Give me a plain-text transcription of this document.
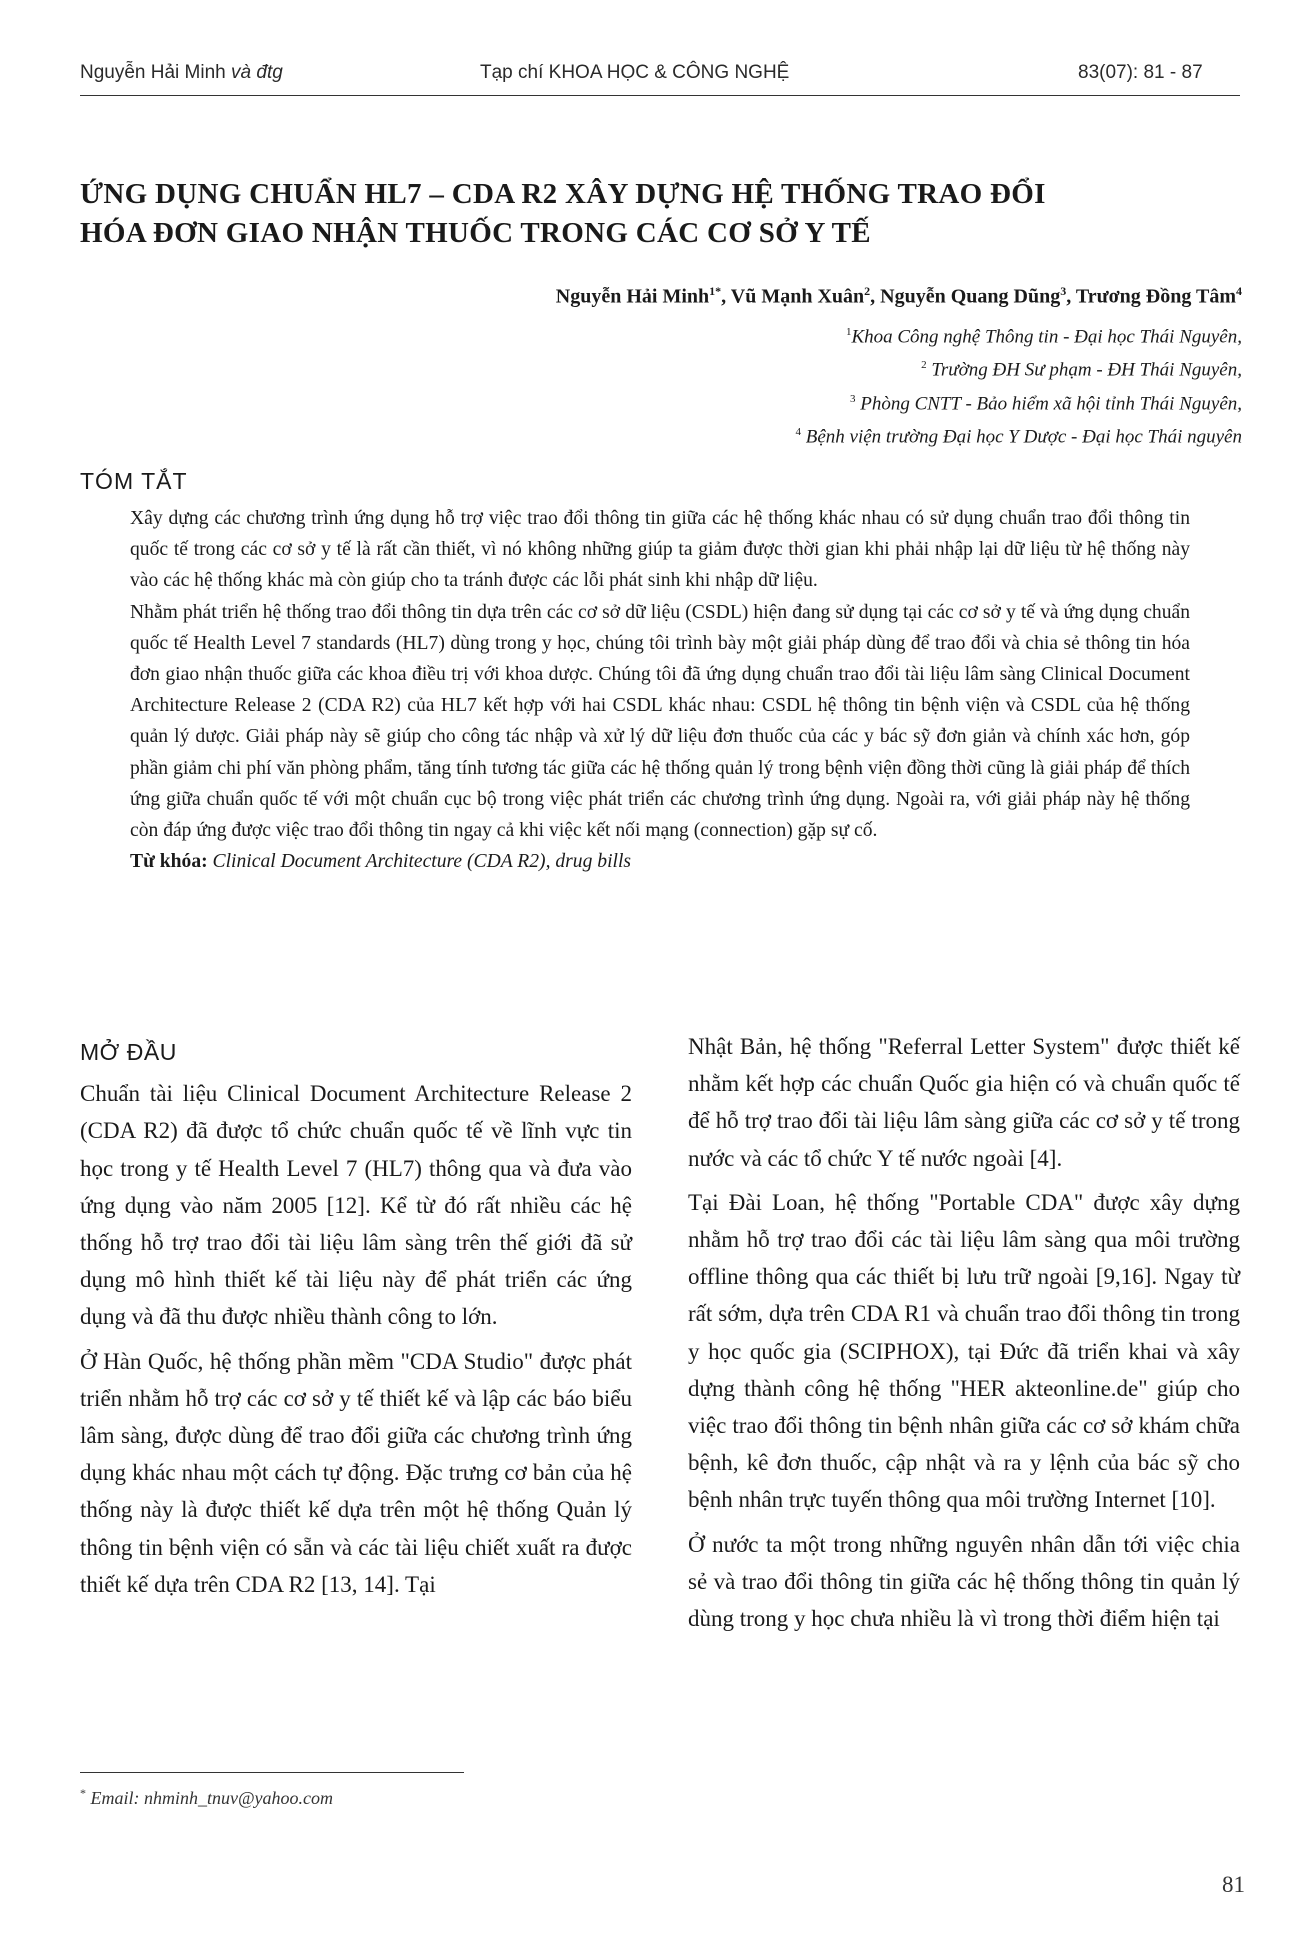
Nguyễn Hải Minh và đtg	Tạp chí KHOA HỌC & CÔNG NGHỆ	83(07): 81 - 87
ỨNG DỤNG CHUẨN HL7 – CDA R2 XÂY DỰNG HỆ THỐNG TRAO ĐỔI
HÓA ĐƠN GIAO NHẬN THUỐC TRONG CÁC CƠ SỞ Y TẾ
Nguyễn Hải Minh$^{1*}$, Vũ Mạnh Xuân$^2$, Nguyễn Quang Dũng$^3$, Trương Đồng Tâm$^4$
$^1$Khoa Công nghệ Thông tin - Đại học Thái Nguyên,
$^2$ Trường ĐH Sư phạm - ĐH Thái Nguyên,
$^3$ Phòng CNTT - Bảo hiểm xã hội tỉnh Thái Nguyên,
$^4$ Bệnh viện trường Đại học Y Dược - Đại học Thái nguyên
TÓM TẮT

Xây dựng các chương trình ứng dụng hỗ trợ việc trao đổi thông tin giữa các hệ thống khác nhau có sử dụng chuẩn trao đổi thông tin quốc tế trong các cơ sở y tế là rất cần thiết, vì nó không những giúp ta giảm được thời gian khi phải nhập lại dữ liệu từ hệ thống này vào các hệ thống khác mà còn giúp cho ta tránh được các lỗi phát sinh khi nhập dữ liệu.

Nhằm phát triển hệ thống trao đổi thông tin dựa trên các cơ sở dữ liệu (CSDL) hiện đang sử dụng tại các cơ sở y tế và ứng dụng chuẩn quốc tế Health Level 7 standards (HL7) dùng trong y học, chúng tôi trình bày một giải pháp dùng để trao đổi và chia sẻ thông tin hóa đơn giao nhận thuốc giữa các khoa điều trị với khoa dược. Chúng tôi đã ứng dụng chuẩn trao đổi tài liệu lâm sàng Clinical Document Architecture Release 2 (CDA R2) của HL7 kết hợp với hai CSDL khác nhau: CSDL hệ thông tin bệnh viện và CSDL của hệ thống quản lý dược. Giải pháp này sẽ giúp cho công tác nhập và xử lý dữ liệu đơn thuốc của các y bác sỹ đơn giản và chính xác hơn, góp phần giảm chi phí văn phòng phẩm, tăng tính tương tác giữa các hệ thống quản lý trong bệnh viện đồng thời cũng là giải pháp để thích ứng giữa chuẩn quốc tế với một chuẩn cục bộ trong việc phát triển các chương trình ứng dụng. Ngoài ra, với giải pháp này hệ thống còn đáp ứng được việc trao đổi thông tin ngay cả khi việc kết nối mạng (connection) gặp sự cố.

Từ khóa: Clinical Document Architecture (CDA R2), drug bills

MỞ ĐẦU

Chuẩn tài liệu Clinical Document Architecture Release 2 (CDA R2) đã được tổ chức chuẩn quốc tế về lĩnh vực tin học trong y tế Health Level 7 (HL7) thông qua và đưa vào ứng dụng vào năm 2005 [12]. Kể từ đó rất nhiều các hệ thống hỗ trợ trao đổi tài liệu lâm sàng trên thế giới đã sử dụng mô hình thiết kế tài liệu này để phát triển các ứng dụng và đã thu được nhiều thành công to lớn.

Ở Hàn Quốc, hệ thống phần mềm "CDA Studio" được phát triển nhằm hỗ trợ các cơ sở y tế thiết kế và lập các báo biểu lâm sàng, được dùng để trao đổi giữa các chương trình ứng dụng khác nhau một cách tự động. Đặc trưng cơ bản của hệ thống này là được thiết kế dựa trên một hệ thống Quản lý thông tin bệnh viện có sẵn và các tài liệu chiết xuất ra được thiết kế dựa trên CDA R2 [13, 14]. Tại

Nhật Bản, hệ thống "Referral Letter System" được thiết kế nhằm kết hợp các chuẩn Quốc gia hiện có và chuẩn quốc tế để hỗ trợ trao đổi tài liệu lâm sàng giữa các cơ sở y tế trong nước và các tổ chức Y tế nước ngoài [4].

Tại Đài Loan, hệ thống "Portable CDA" được xây dựng nhằm hỗ trợ trao đổi các tài liệu lâm sàng qua môi trường offline thông qua các thiết bị lưu trữ ngoài [9,16]. Ngay từ rất sớm, dựa trên CDA R1 và chuẩn trao đổi thông tin trong y học quốc gia (SCIPHOX), tại Đức đã triển khai và xây dựng thành công hệ thống "HER akteonline.de" giúp cho việc trao đổi thông tin bệnh nhân giữa các cơ sở khám chữa bệnh, kê đơn thuốc, cập nhật và ra y lệnh của bác sỹ cho bệnh nhân trực tuyến thông qua môi trường Internet [10].

Ở nước ta một trong những nguyên nhân dẫn tới việc chia sẻ và trao đổi thông tin giữa các hệ thống thông tin quản lý dùng trong y học chưa nhiều là vì trong thời điểm hiện tại

* Email: nhminh_tnuv@yahoo.com
81
